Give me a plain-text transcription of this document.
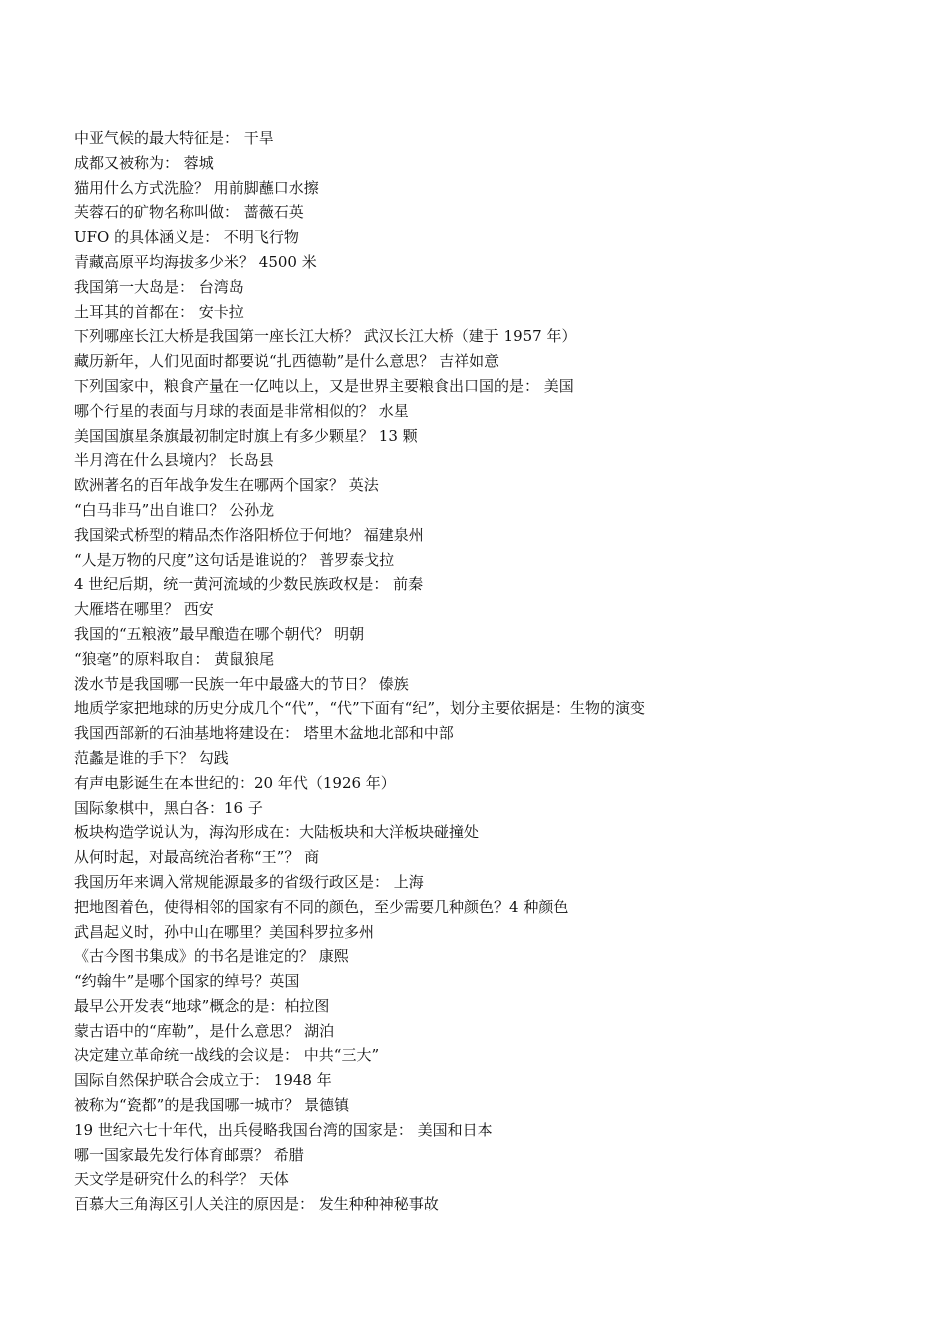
中亚气候的最大特征是： 干旱
成都又被称为： 蓉城
猫用什么方式洗脸？ 用前脚蘸口水擦
芙蓉石的矿物名称叫做： 蔷薇石英
UFO 的具体涵义是： 不明飞行物
青藏高原平均海拔多少米？ 4500 米
我国第一大岛是： 台湾岛
土耳其的首都在： 安卡拉
下列哪座长江大桥是我国第一座长江大桥？ 武汉长江大桥（建于 1957 年）
藏历新年，人们见面时都要说“扎西德勒”是什么意思？ 吉祥如意
下列国家中，粮食产量在一亿吨以上，又是世界主要粮食出口国的是： 美国
哪个行星的表面与月球的表面是非常相似的？ 水星
美国国旗星条旗最初制定时旗上有多少颗星？ 13 颗
半月湾在什么县境内？ 长岛县
欧洲著名的百年战争发生在哪两个国家？ 英法
“白马非马”出自谁口？ 公孙龙
我国梁式桥型的精品杰作洛阳桥位于何地？ 福建泉州
“人是万物的尺度”这句话是谁说的？ 普罗泰戈拉
4 世纪后期，统一黄河流域的少数民族政权是： 前秦
大雁塔在哪里？ 西安
我国的“五粮液”最早酿造在哪个朝代？ 明朝
“狼毫”的原料取自： 黄鼠狼尾
泼水节是我国哪一民族一年中最盛大的节日？ 傣族
地质学家把地球的历史分成几个“代”，“代”下面有“纪”，划分主要依据是：生物的演变
我国西部新的石油基地将建设在： 塔里木盆地北部和中部
范蠡是谁的手下？ 勾践
有声电影诞生在本世纪的：20 年代（1926 年）
国际象棋中，黑白各：16 子
板块构造学说认为，海沟形成在：大陆板块和大洋板块碰撞处
从何时起，对最高统治者称“王”？ 商
我国历年来调入常规能源最多的省级行政区是： 上海
把地图着色，使得相邻的国家有不同的颜色，至少需要几种颜色？4 种颜色
武昌起义时，孙中山在哪里？美国科罗拉多州
《古今图书集成》的书名是谁定的？ 康熙
“约翰牛”是哪个国家的绰号？英国
最早公开发表“地球”概念的是：柏拉图
蒙古语中的“库勒”，是什么意思？ 湖泊
决定建立革命统一战线的会议是： 中共“三大”
国际自然保护联合会成立于： 1948 年
被称为“瓷都”的是我国哪一城市？ 景德镇
19 世纪六七十年代，出兵侵略我国台湾的国家是： 美国和日本
哪一国家最先发行体育邮票？ 希腊
天文学是研究什么的科学？ 天体
百慕大三角海区引人关注的原因是： 发生种种神秘事故
